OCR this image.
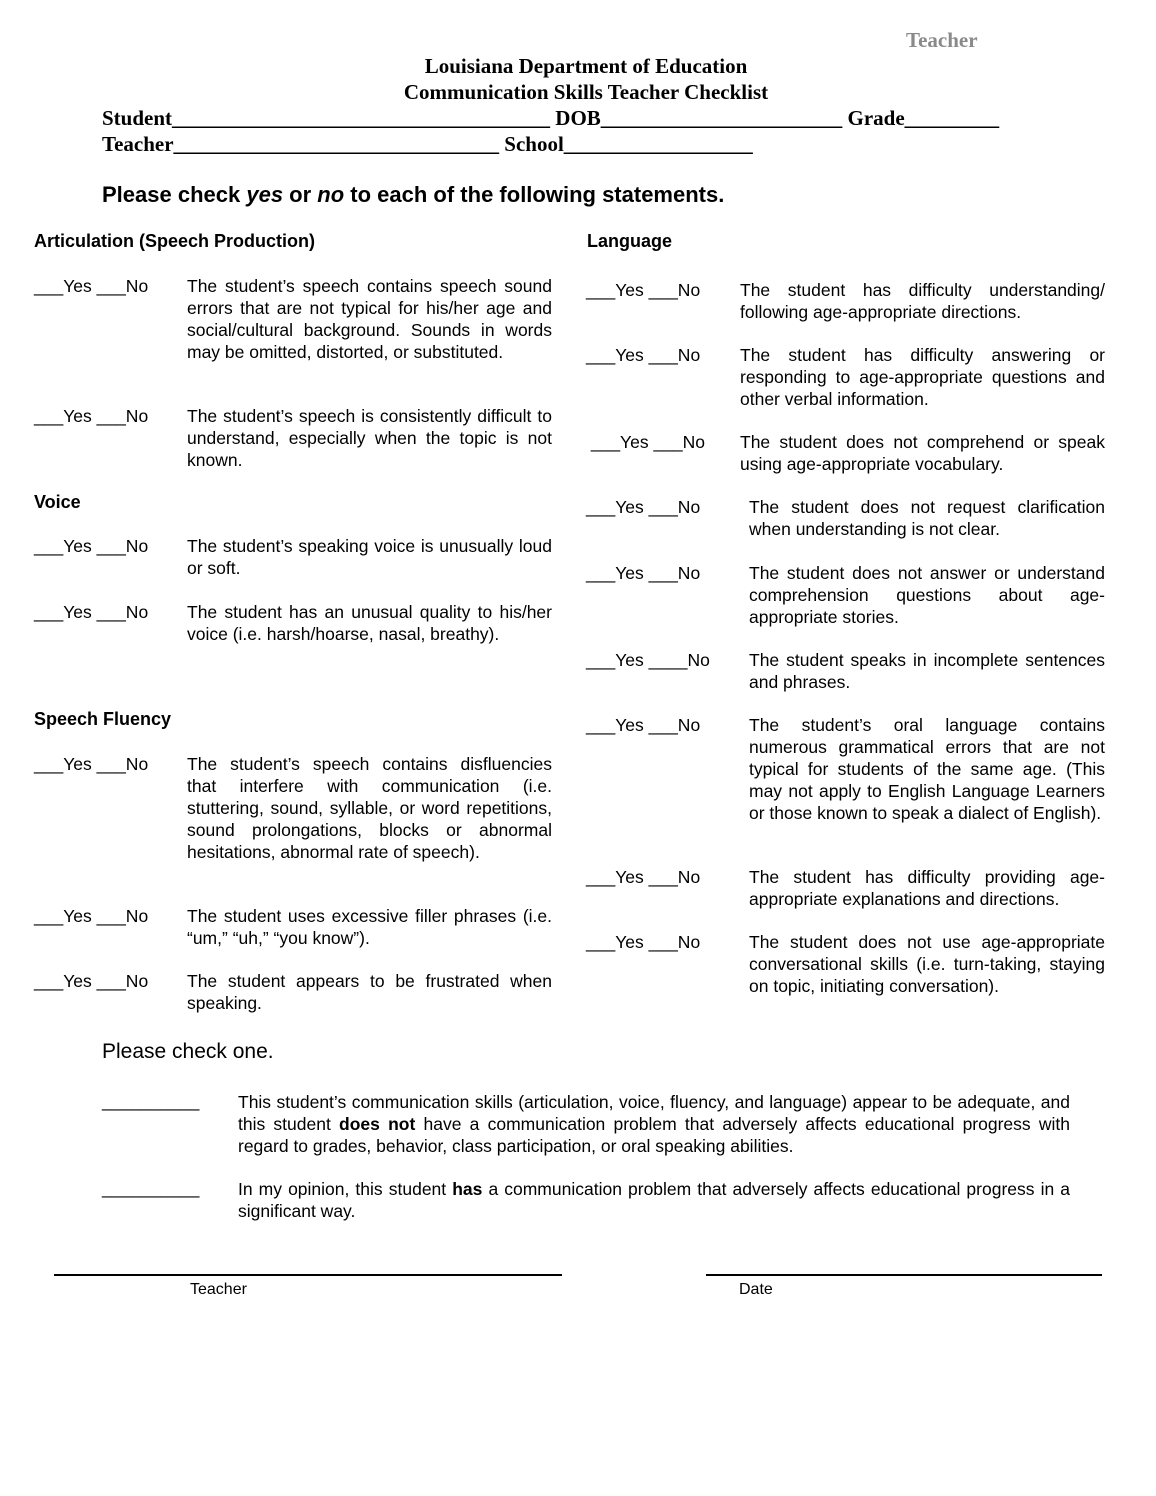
Teacher
Louisiana Department of Education
Communication Skills Teacher Checklist
Student____________________________________ DOB_______________________ Grade_________
Teacher_______________________________ School__________________
Please check yes or no to each of the following statements.
Articulation (Speech Production)
___Yes ___No The student’s speech contains speech sound errors that are not typical for his/her age and social/cultural background. Sounds in words may be omitted, distorted, or substituted.
___Yes ___No The student’s speech is consistently difficult to understand, especially when the topic is not known.
Voice
___Yes ___No The student’s speaking voice is unusually loud or soft.
___Yes ___No The student has an unusual quality to his/her voice (i.e. harsh/hoarse, nasal, breathy).
Speech Fluency
___Yes ___No The student’s speech contains disfluencies that interfere with communication (i.e. stuttering, sound, syllable, or word repetitions, sound prolongations, blocks or abnormal hesitations, abnormal rate of speech).
___Yes ___No The student uses excessive filler phrases (i.e. “um,” “uh,” “you know”).
___Yes ___No The student appears to be frustrated when speaking.
Language
___Yes ___No The student has difficulty understanding/ following age-appropriate directions.
___Yes ___No The student has difficulty answering or responding to age-appropriate questions and other verbal information.
___Yes ___No The student does not comprehend or speak using age-appropriate vocabulary.
___Yes ___No	The student does not request clarification when understanding is not clear.
___Yes ___No	The student does not answer or understand comprehension questions about age-appropriate stories.
___Yes ____No The student speaks in incomplete sentences and phrases.
___Yes ___No	The student’s oral language contains numerous grammatical errors that are not typical for students of the same age. (This may not apply to English Language Learners or those known to speak a dialect of English).
___Yes ___No	The student has difficulty providing age-appropriate explanations and directions.
___Yes ___No	The student does not use age-appropriate conversational skills (i.e. turn-taking, staying on topic, initiating conversation).
Please check one.
__________ This student’s communication skills (articulation, voice, fluency, and language) appear to be adequate, and this student does not have a communication problem that adversely affects educational progress with regard to grades, behavior, class participation, or oral speaking abilities.
__________ In my opinion, this student has a communication problem that adversely affects educational progress in a significant way.
Teacher	Date
